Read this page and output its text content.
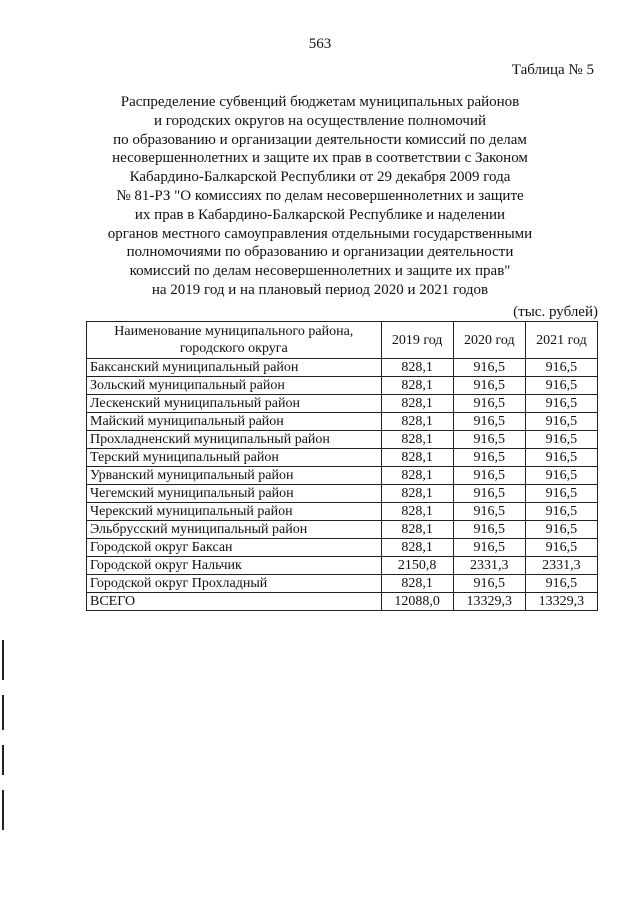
563
Таблица № 5
Распределение субвенций бюджетам муниципальных районов
и городских округов на осуществление полномочий
по образованию и организации деятельности комиссий по делам
несовершеннолетних и защите их прав в соответствии с Законом
Кабардино-Балкарской Республики от 29 декабря 2009 года
№ 81-РЗ "О комиссиях по делам несовершеннолетних и защите
их прав в Кабардино-Балкарской Республике и наделении
органов местного самоуправления отдельными государственными
полномочиями по образованию и организации деятельности
комиссий по делам несовершеннолетних и защите их прав"
на 2019 год и на плановый период 2020 и 2021 годов
(тыс. рублей)
Наименование муниципального района, городского округа	2019 год	2020 год	2021 год
Баксанский муниципальный район	828,1	916,5	916,5
Зольский муниципальный район	828,1	916,5	916,5
Лескенский муниципальный район	828,1	916,5	916,5
Майский муниципальный район	828,1	916,5	916,5
Прохладненский муниципальный район	828,1	916,5	916,5
Терский муниципальный район	828,1	916,5	916,5
Урванский муниципальный район	828,1	916,5	916,5
Чегемский муниципальный район	828,1	916,5	916,5
Черекский муниципальный район	828,1	916,5	916,5
Эльбрусский муниципальный район	828,1	916,5	916,5
Городской округ Баксан	828,1	916,5	916,5
Городской округ Нальчик	2150,8	2331,3	2331,3
Городской округ Прохладный	828,1	916,5	916,5
ВСЕГО	12088,0	13329,3	13329,3
